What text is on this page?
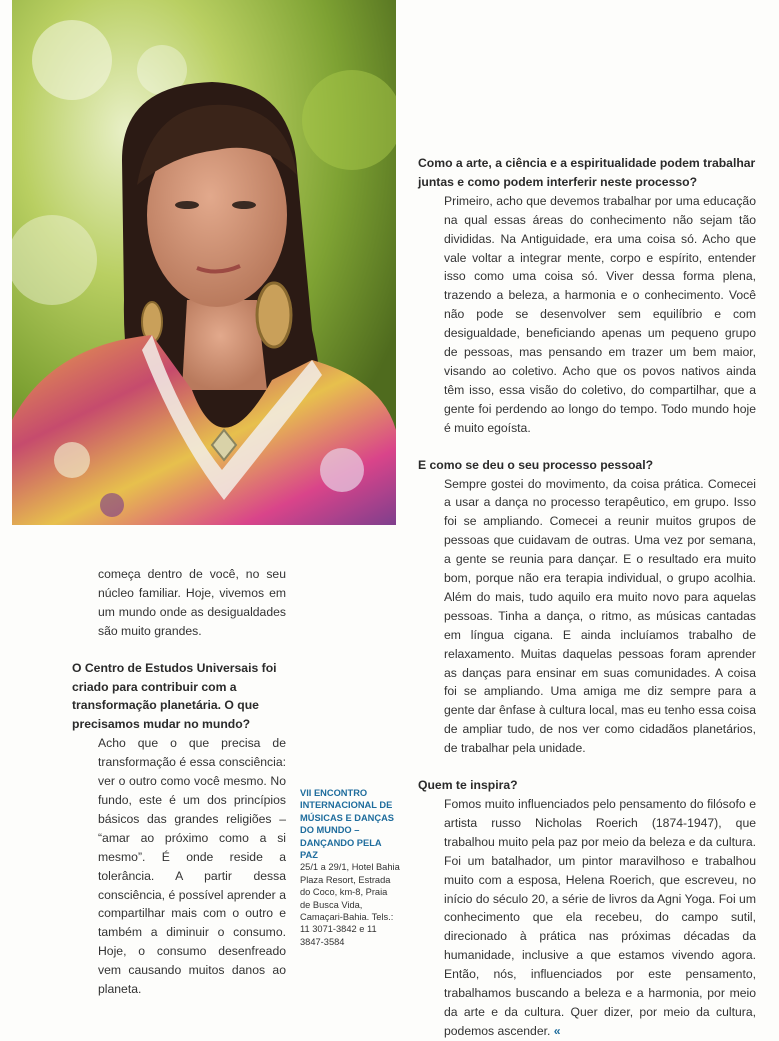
Como a arte, a ciência e a espiritualidade podem trabalhar juntas e como podem interferir neste processo?

Primeiro, acho que devemos trabalhar por uma educação na qual essas áreas do conhecimento não sejam tão divididas. Na Antiguidade, era uma coisa só. Acho que vale voltar a integrar mente, corpo e espírito, entender isso como uma coisa só. Viver dessa forma plena, trazendo a beleza, a harmonia e o conhecimento. Você não pode se desenvolver sem equilíbrio e com desigualdade, beneficiando apenas um pequeno grupo de pessoas, mas pensando em trazer um bem maior, visando ao coletivo. Acho que os povos nativos ainda têm isso, essa visão do coletivo, do compartilhar, que a gente foi perdendo ao longo do tempo. Todo mundo hoje é muito egoísta.

E como se deu o seu processo pessoal?

Sempre gostei do movimento, da coisa prática. Comecei a usar a dança no processo terapêutico, em grupo. Isso foi se ampliando. Comecei a reunir muitos grupos de pessoas que cuidavam de outras. Uma vez por semana, a gente se reunia para dançar. E o resultado era muito bom, porque não era terapia individual, o grupo acolhia. Além do mais, tudo aquilo era muito novo para aquelas pessoas. Tinha a dança, o ritmo, as músicas cantadas em língua cigana. E ainda incluíamos trabalho de relaxamento. Muitas daquelas pessoas foram aprender as danças para ensinar em suas comunidades. A coisa foi se ampliando. Uma amiga me diz sempre para a gente dar ênfase à cultura local, mas eu tenho essa coisa de ampliar tudo, de nos ver como cidadãos planetários, de trabalhar pela unidade.

Quem te inspira?

Fomos muito influenciados pelo pensamento do filósofo e artista russo Nicholas Roerich (1874-1947), que trabalhou muito pela paz por meio da beleza e da cultura. Foi um batalhador, um pintor maravilhoso e trabalhou muito com a esposa, Helena Roerich, que escreveu, no início do século 20, a série de livros da Agni Yoga. Foi um conhecimento que ela recebeu, do campo sutil, direcionado à prática nas próximas décadas da humanidade, inclusive a que estamos vivendo agora. Então, nós, influenciados por este pensamento, trabalhamos buscando a beleza e a harmonia, por meio da arte e da cultura. Quer dizer, por meio da cultura, podemos ascender. «

começa dentro de você, no seu núcleo familiar. Hoje, vivemos em um mundo onde as desigualdades são muito grandes.

O Centro de Estudos Universais foi criado para contribuir com a transformação planetária. O que precisamos mudar no mundo?

Acho que o que precisa de transformação é essa consciência: ver o outro como você mesmo. No fundo, este é um dos princípios básicos das grandes religiões – “amar ao próximo como a si mesmo”. É onde reside a tolerância. A partir dessa consciência, é possível aprender a compartilhar mais com o outro e também a diminuir o consumo. Hoje, o consumo desenfreado vem causando muitos danos ao planeta.

VII ENCONTRO INTERNACIONAL DE MÚSICAS E DANÇAS DO MUNDO – DANÇANDO PELA PAZ

25/1 a 29/1, Hotel Bahia Plaza Resort, Estrada do Coco, km-8, Praia de Busca Vida, Camaçari-Bahia. Tels.: 11 3071-3842 e 11 3847-3584
